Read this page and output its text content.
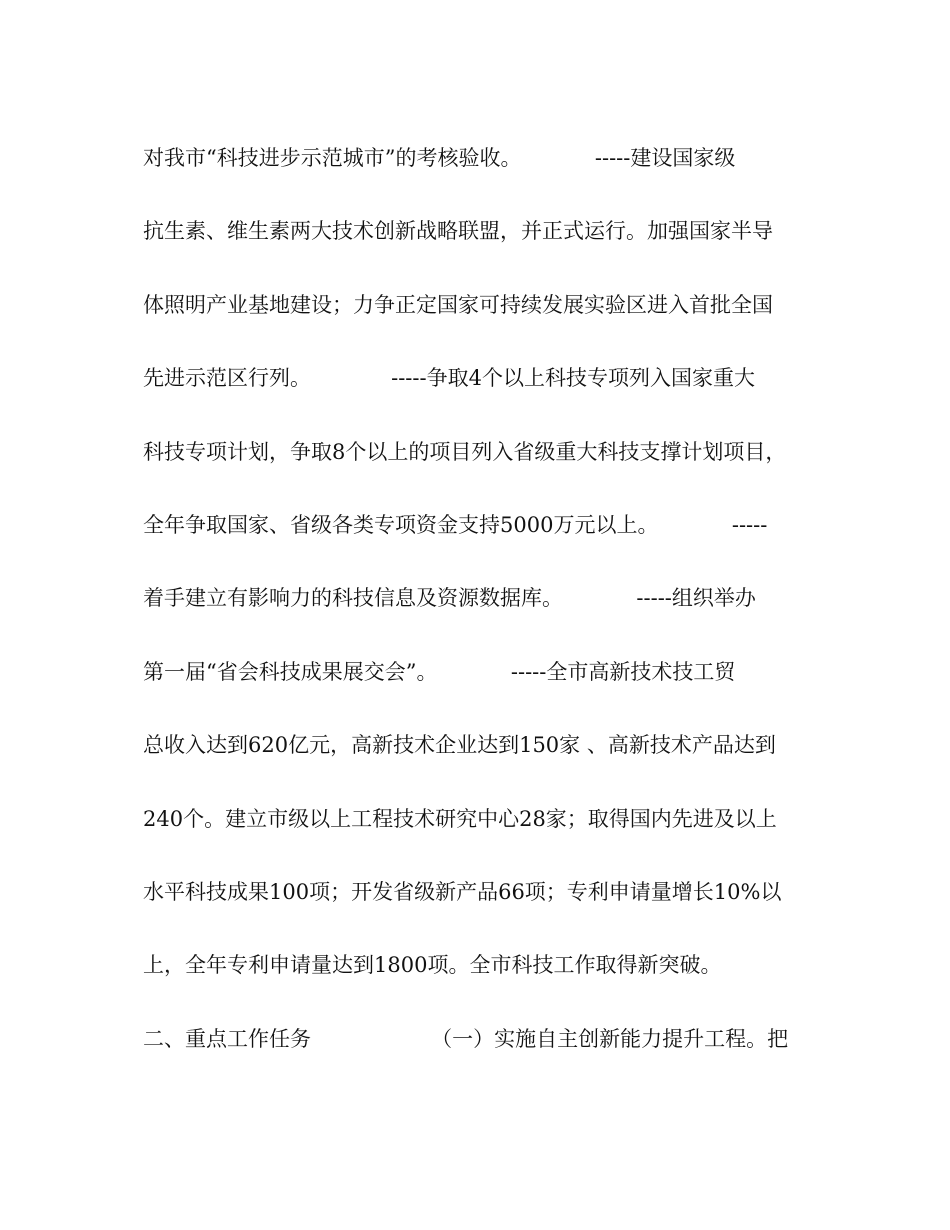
对我市“科技进步示范城市”的考核验收。           -----建设国家级
抗生素、维生素两大技术创新战略联盟，并正式运行。加强国家半导
体照明产业基地建设；力争正定国家可持续发展实验区进入首批全国
先进示范区行列。            -----争取4个以上科技专项列入国家重大
科技专项计划，争取8个以上的项目列入省级重大科技支撑计划项目，
全年争取国家、省级各类专项资金支持5000万元以上。           -----
着手建立有影响力的科技信息及资源数据库。           -----组织举办
第一届“省会科技成果展交会”。           -----全市高新技术技工贸
总收入达到620亿元，高新技术企业达到150家 、高新技术产品达到
240个。建立市级以上工程技术研究中心28家；取得国内先进及以上
水平科技成果100项；开发省级新产品66项；专利申请量增长10%以
上，全年专利申请量达到1800项。全市科技工作取得新突破。
二、重点工作任务                  （一）实施自主创新能力提升工程。把
